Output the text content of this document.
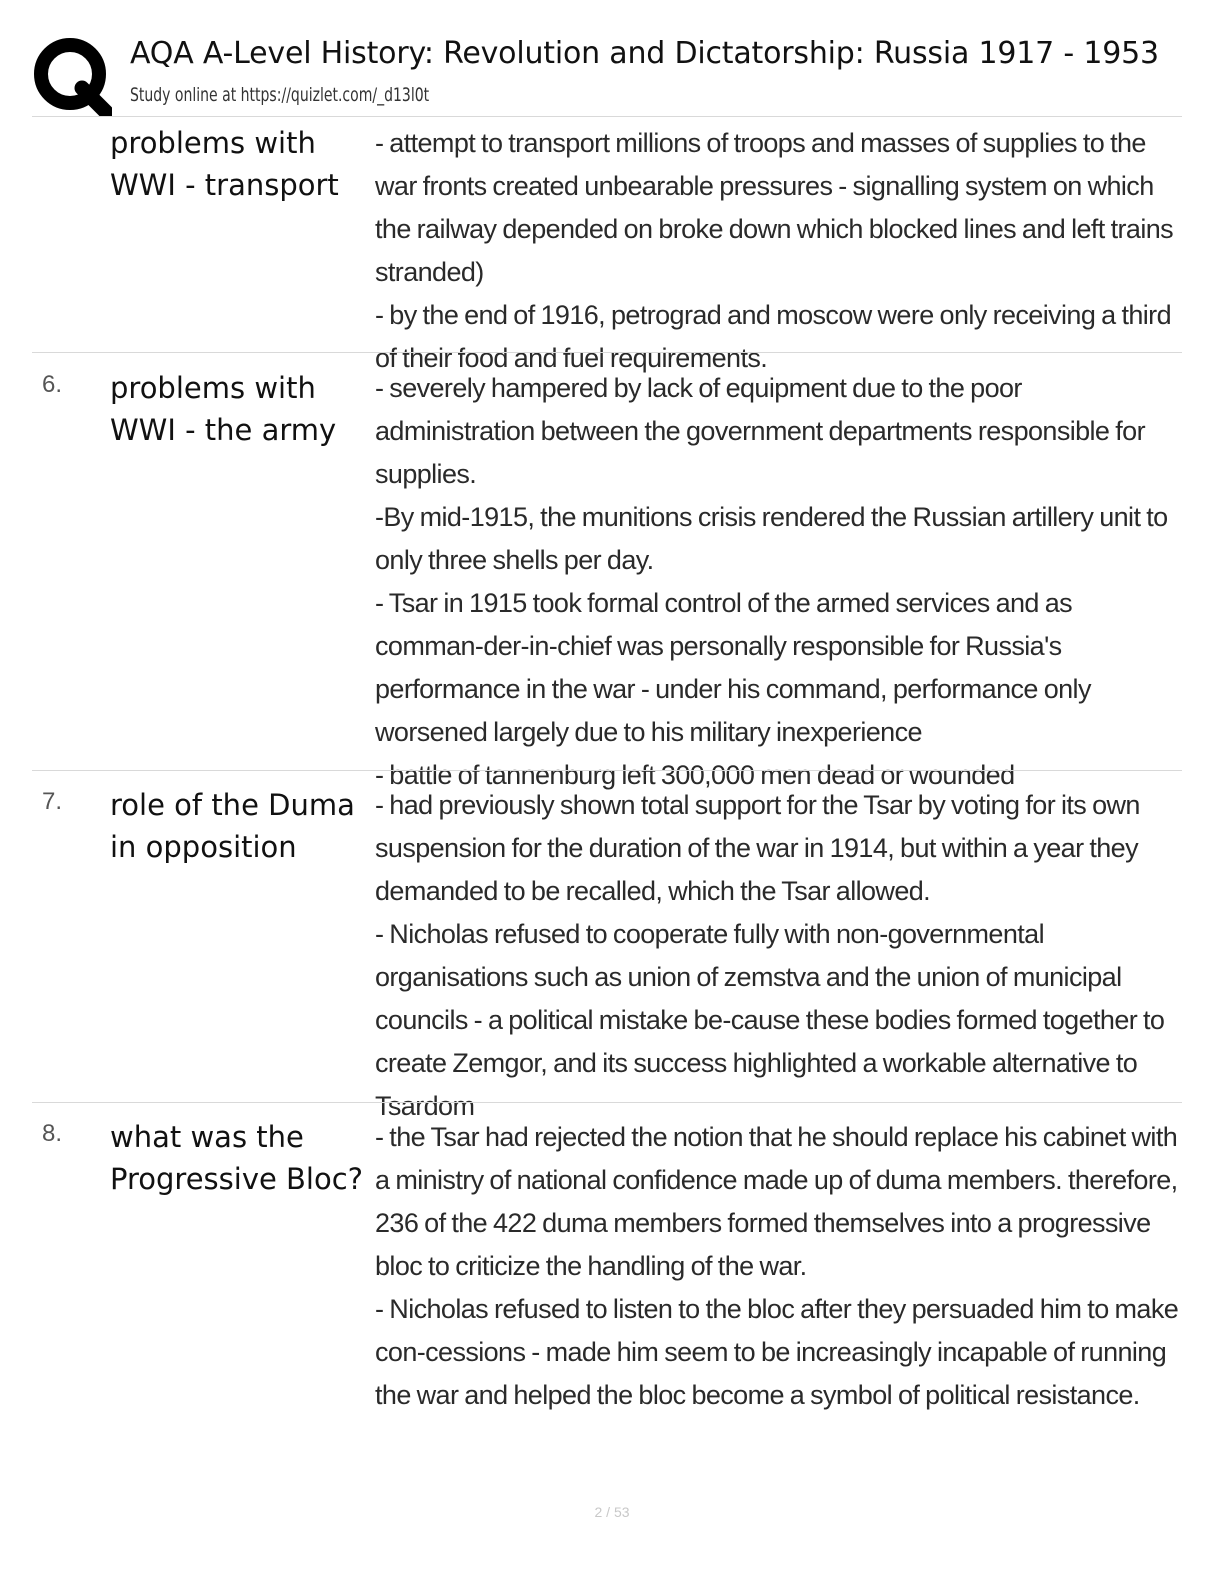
AQA A-Level History: Revolution and Dictatorship: Russia 1917 - 1953
Study online at https://quizlet.com/_d13l0t
problems with WWI - transport

- attempt to transport millions of troops and masses of supplies to the war fronts created unbearable pressures - signalling system on which the railway depended on broke down which blocked lines and left trains stranded)

- by the end of 1916, petrograd and moscow were only receiving a third of their food and fuel requirements.

6. problems with WWI - the army

- severely hampered by lack of equipment due to the poor administration between the government departments responsible for supplies.

-By mid-1915, the munitions crisis rendered the Russian artillery unit to only three shells per day.

- Tsar in 1915 took formal control of the armed services and as comman-der-in-chief was personally responsible for Russia's performance in the war - under his command, performance only worsened largely due to his military inexperience

- battle of tannenburg left 300,000 men dead or wounded

7. role of the Duma in opposition

- had previously shown total support for the Tsar by voting for its own suspension for the duration of the war in 1914, but within a year they demanded to be recalled, which the Tsar allowed.

- Nicholas refused to cooperate fully with non-governmental organisations such as union of zemstva and the union of municipal councils - a political mistake be-cause these bodies formed together to create Zemgor, and its success highlighted a workable alternative to Tsardom

8. what was the Progressive Bloc?

- the Tsar had rejected the notion that he should replace his cabinet with a ministry of national confidence made up of duma members. therefore, 236 of the 422 duma members formed themselves into a progressive bloc to criticize the handling of the war.

- Nicholas refused to listen to the bloc after they persuaded him to make con-cessions - made him seem to be increasingly incapable of running the war and helped the bloc become a symbol of political resistance.

2 / 53
